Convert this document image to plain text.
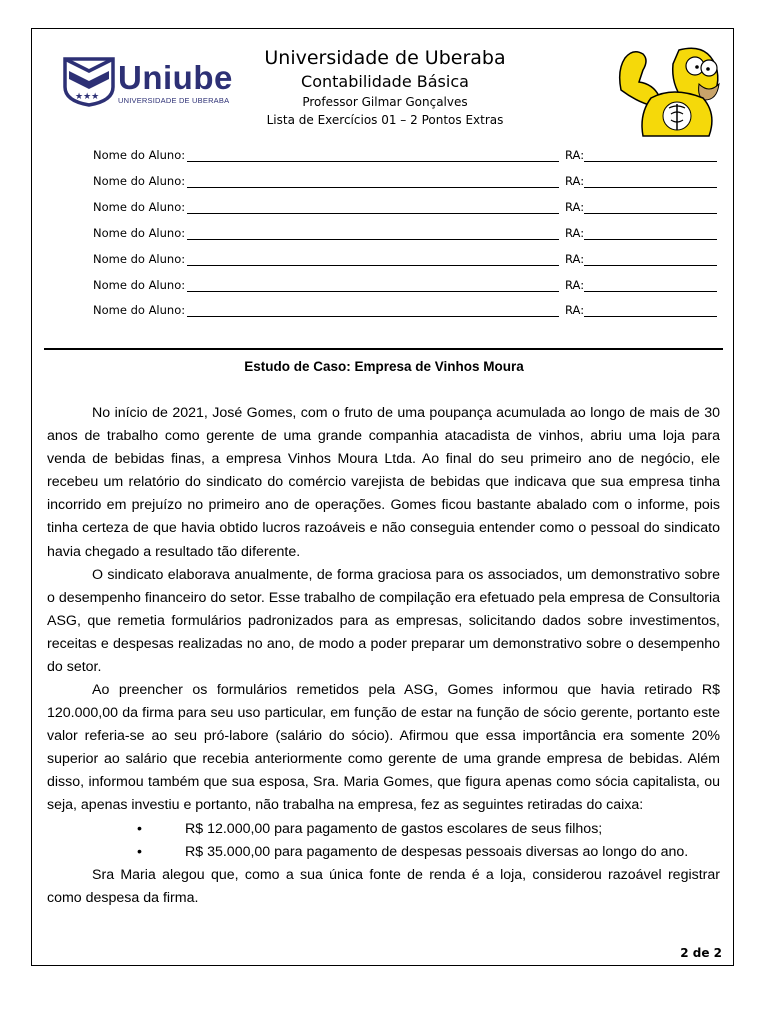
★★★
Uniube
UNIVERSIDADE DE UBERABA
Universidade de Uberaba
Contabilidade Básica
Professor Gilmar Gonçalves
Lista de Exercícios 01 – 2 Pontos Extras
Nome do Aluno:	RA:
Nome do Aluno:	RA:
Nome do Aluno:	RA:
Nome do Aluno:	RA:
Nome do Aluno:	RA:
Nome do Aluno:	RA:
Nome do Aluno:	RA:
Estudo de Caso: Empresa de Vinhos Moura

No início de 2021, José Gomes, com o fruto de uma poupança acumulada ao longo de mais de 30 anos de trabalho como gerente de uma grande companhia atacadista de vinhos, abriu uma loja para venda de bebidas finas, a empresa Vinhos Moura Ltda. Ao final do seu primeiro ano de negócio, ele recebeu um relatório do sindicato do comércio varejista de bebidas que indicava que sua empresa tinha incorrido em prejuízo no primeiro ano de operações. Gomes ficou bastante abalado com o informe, pois tinha certeza de que havia obtido lucros razoáveis e não conseguia entender como o pessoal do sindicato havia chegado a resultado tão diferente.

O sindicato elaborava anualmente, de forma graciosa para os associados, um demonstrativo sobre o desempenho financeiro do setor. Esse trabalho de compilação era efetuado pela empresa de Consultoria ASG, que remetia formulários padronizados para as empresas, solicitando dados sobre investimentos, receitas e despesas realizadas no ano, de modo a poder preparar um demonstrativo sobre o desempenho do setor.

Ao preencher os formulários remetidos pela ASG, Gomes informou que havia retirado R$ 120.000,00 da firma para seu uso particular, em função de estar na função de sócio gerente, portanto este valor referia-se ao seu pró-labore (salário do sócio). Afirmou que essa importância era somente 20% superior ao salário que recebia anteriormente como gerente de uma grande empresa de bebidas. Além disso, informou também que sua esposa, Sra. Maria Gomes, que figura apenas como sócia capitalista, ou seja, apenas investiu e portanto, não trabalha na empresa, fez as seguintes retiradas do caixa:

•	R$ 12.000,00 para pagamento de gastos escolares de seus filhos;
•	R$ 35.000,00 para pagamento de despesas pessoais diversas ao longo do ano.

Sra Maria alegou que, como a sua única fonte de renda é a loja, considerou razoável registrar como despesa da firma.

2 de 2
